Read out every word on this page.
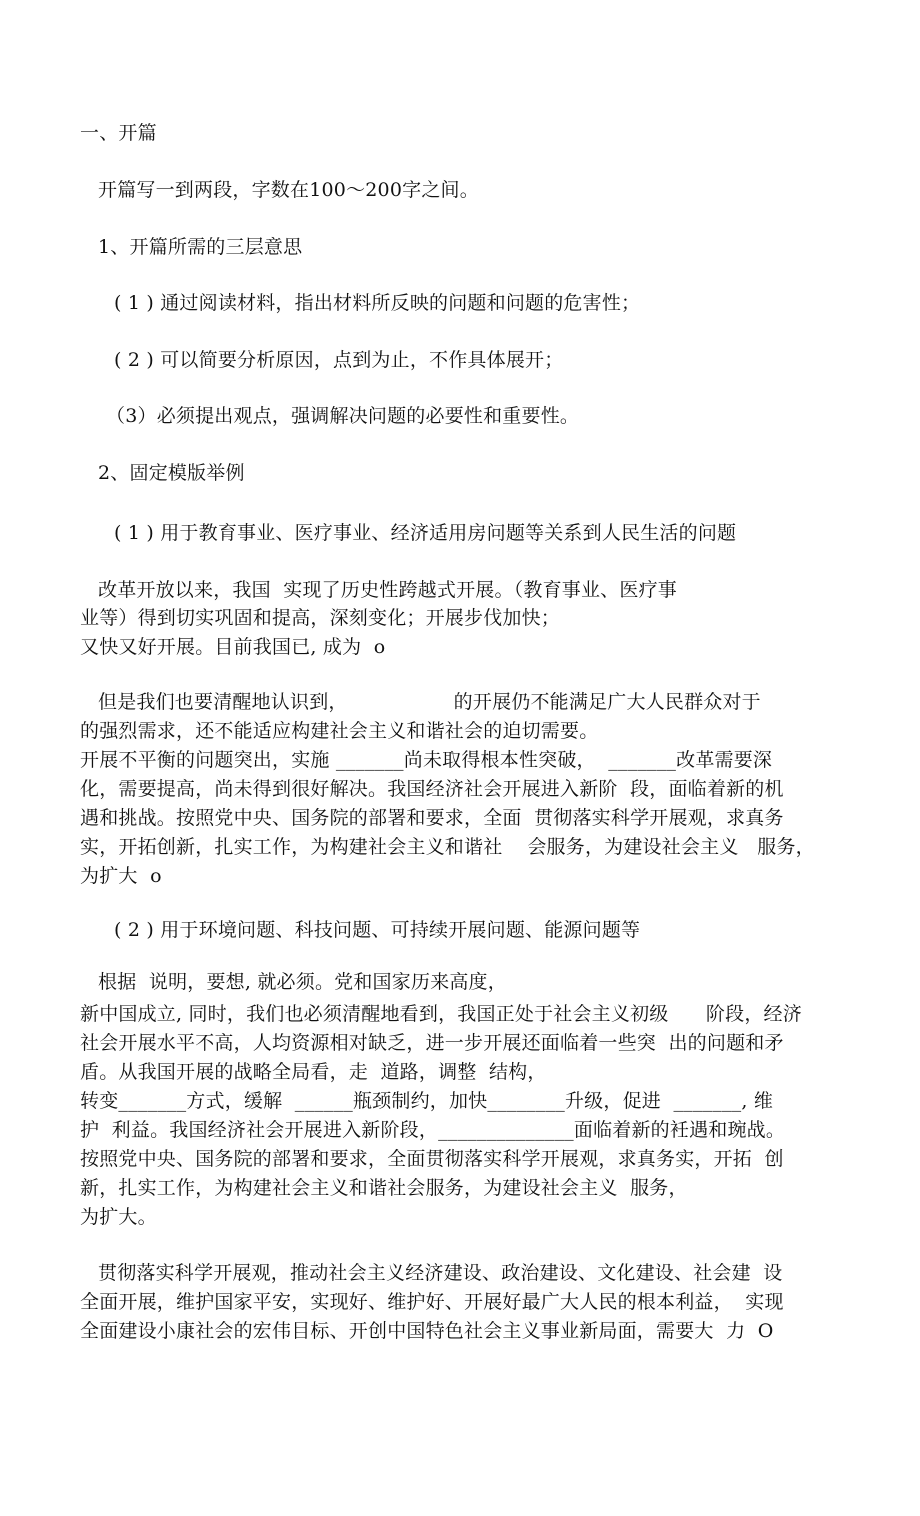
一、开篇
开篇写一到两段，字数在100〜200字之间。
1、开篇所需的三层意思
( 1 ) 通过阅读材料，指出材料所反映的问题和问题的危害性；
( 2 ) 可以简要分析原因，点到为止，不作具体展开；
（3）必须提出观点，强调解决问题的必要性和重要性。
2、固定模版举例
( 1 ) 用于教育事业、医疗事业、经济适用房问题等关系到人民生活的问题
改革开放以来，我国  实现了历史性跨越式开展。（教育事业、医疗事
业等）得到切实巩固和提高，深刻变化；开展步伐加快；
又快又好开展。目前我国已, 成为  o
但是我们也要清醒地认识到，                 的开展仍不能满足广大人民群众对于
的强烈需求，还不能适应构建社会主义和谐社会的迫切需要。
开展不平衡的问题突出，实施 _______尚未取得根本性突破，  _______改革需要深
化，需要提高，尚未得到很好解决。我国经济社会开展进入新阶  段，面临着新的机
遇和挑战。按照党中央、国务院的部署和要求，全面  贯彻落实科学开展观，求真务
实，开拓创新，扎实工作，为构建社会主义和谐社    会服务，为建设社会主义   服务，
为扩大  o
( 2 ) 用于环境问题、科技问题、可持续开展问题、能源问题等
根据  说明，要想, 就必须。党和国家历来高度，
新中国成立, 同时，我们也必须清醒地看到，我国正处于社会主义初级      阶段，经济
社会开展水平不高，人均资源相对缺乏，进一步开展还面临着一些突  出的问题和矛
盾。从我国开展的战略全局看，走  道路，调整  结构，
转变_______方式，缓解  ______瓶颈制约，加快________升级，促进  _______, 维
护  利益。我国经济社会开展进入新阶段，______________面临着新的衽遇和琬战。
按照党中央、国务院的部署和要求，全面贯彻落实科学开展观，求真务实，开拓  创
新，扎实工作，为构建社会主义和谐社会服务，为建设社会主义  服务，
为扩大。
贯彻落实科学开展观，推动社会主义经济建设、政治建设、文化建设、社会建  设
全面开展，维护国家平安，实现好、维护好、开展好最广大人民的根本利益，  实现
全面建设小康社会的宏伟目标、开创中国特色社会主义事业新局面，需要大  力  O
